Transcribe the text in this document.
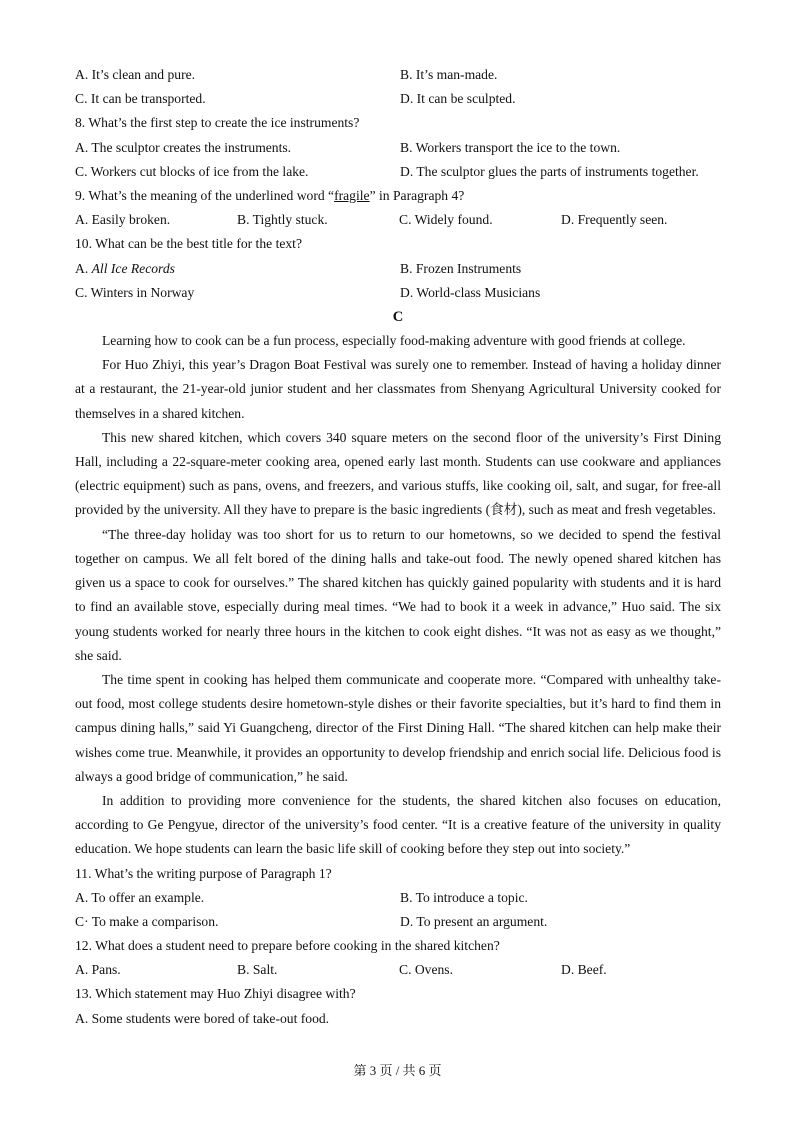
A. It’s clean and pure.	B. It’s man-made.
C. It can be transported.	D. It can be sculpted.
8. What’s the first step to create the ice instruments?
A. The sculptor creates the instruments.	B. Workers transport the ice to the town.
C. Workers cut blocks of ice from the lake.	D. The sculptor glues the parts of instruments together.
9. What’s the meaning of the underlined word “fragile” in Paragraph 4?
A. Easily broken.	B. Tightly stuck.	C. Widely found.	D. Frequently seen.
10. What can be the best title for the text?
A. All Ice Records	B. Frozen Instruments
C. Winters in Norway	D. World-class Musicians
C
Learning how to cook can be a fun process, especially food-making adventure with good friends at college.
For Huo Zhiyi, this year’s Dragon Boat Festival was surely one to remember. Instead of having a holiday dinner at a restaurant, the 21-year-old junior student and her classmates from Shenyang Agricultural University cooked for themselves in a shared kitchen.
This new shared kitchen, which covers 340 square meters on the second floor of the university’s First Dining Hall, including a 22-square-meter cooking area, opened early last month. Students can use cookware and appliances (electric equipment) such as pans, ovens, and freezers, and various stuffs, like cooking oil, salt, and sugar, for free-all provided by the university. All they have to prepare is the basic ingredients (食材), such as meat and fresh vegetables.
“The three-day holiday was too short for us to return to our hometowns, so we decided to spend the festival together on campus. We all felt bored of the dining halls and take-out food. The newly opened shared kitchen has given us a space to cook for ourselves.” The shared kitchen has quickly gained popularity with students and it is hard to find an available stove, especially during meal times. “We had to book it a week in advance,” Huo said. The six young students worked for nearly three hours in the kitchen to cook eight dishes. “It was not as easy as we thought,” she said.
The time spent in cooking has helped them communicate and cooperate more. “Compared with unhealthy take-out food, most college students desire hometown-style dishes or their favorite specialties, but it’s hard to find them in campus dining halls,” said Yi Guangcheng, director of the First Dining Hall. “The shared kitchen can help make their wishes come true. Meanwhile, it provides an opportunity to develop friendship and enrich social life. Delicious food is always a good bridge of communication,” he said.
In addition to providing more convenience for the students, the shared kitchen also focuses on education, according to Ge Pengyue, director of the university’s food center. “It is a creative feature of the university in quality education. We hope students can learn the basic life skill of cooking before they step out into society.”
11. What’s the writing purpose of Paragraph 1?
A. To offer an example.	B. To introduce a topic.
C· To make a comparison.	D. To present an argument.
12. What does a student need to prepare before cooking in the shared kitchen?
A. Pans.	B. Salt.	C. Ovens.	D. Beef.
13. Which statement may Huo Zhiyi disagree with?
A. Some students were bored of take-out food.
第 3 页 / 共 6 页
